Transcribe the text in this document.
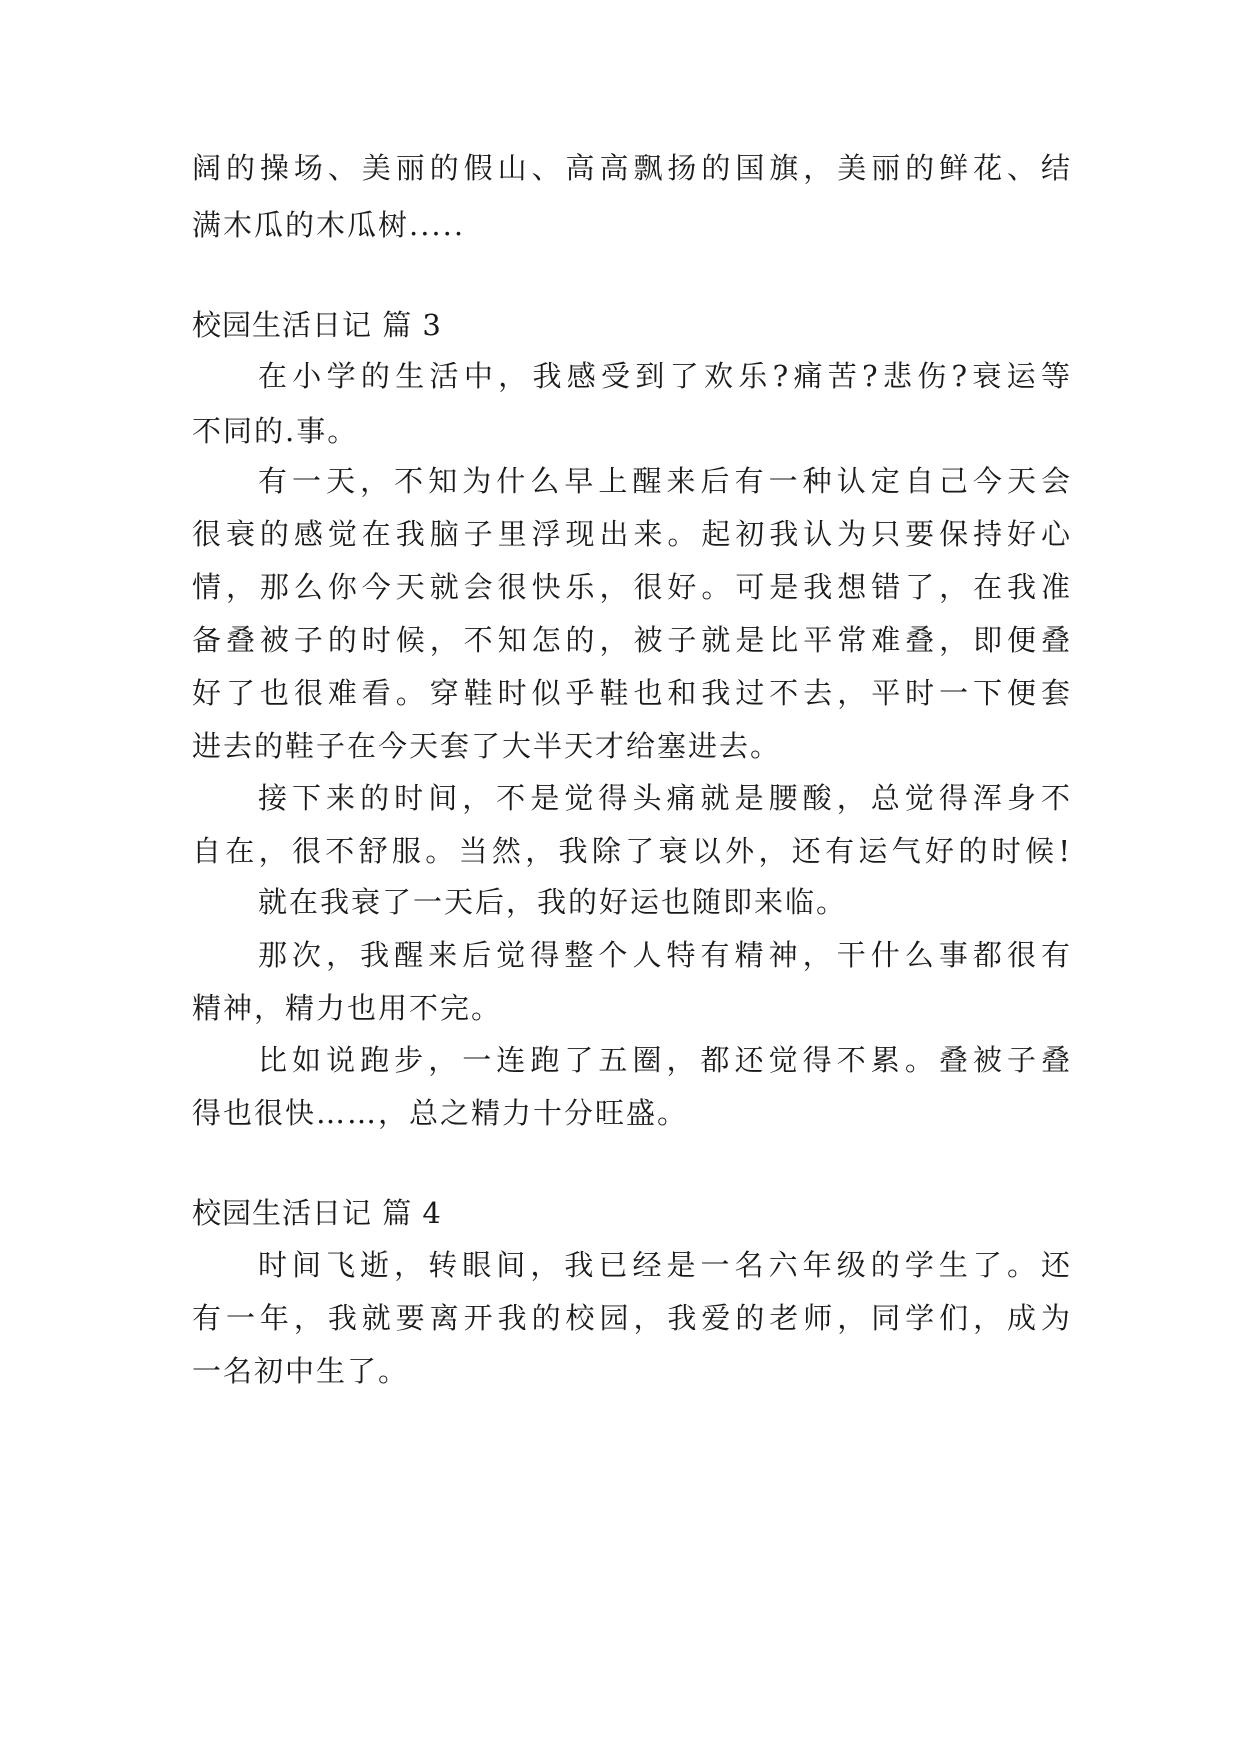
阔的操场、美丽的假山、高高飘扬的国旗，美丽的鲜花、结
满木瓜的木瓜树.....
校园生活日记 篇 3
在小学的生活中，我感受到了欢乐?痛苦?悲伤?衰运等
不同的.事。
有一天，不知为什么早上醒来后有一种认定自己今天会
很衰的感觉在我脑子里浮现出来。起初我认为只要保持好心
情，那么你今天就会很快乐，很好。可是我想错了，在我准
备叠被子的时候，不知怎的，被子就是比平常难叠，即便叠
好了也很难看。穿鞋时似乎鞋也和我过不去，平时一下便套
进去的鞋子在今天套了大半天才给塞进去。
接下来的时间，不是觉得头痛就是腰酸，总觉得浑身不
自在，很不舒服。当然，我除了衰以外，还有运气好的时候!
就在我衰了一天后，我的好运也随即来临。
那次，我醒来后觉得整个人特有精神，干什么事都很有
精神，精力也用不完。
比如说跑步，一连跑了五圈，都还觉得不累。叠被子叠
得也很快……，总之精力十分旺盛。
校园生活日记 篇 4
时间飞逝，转眼间，我已经是一名六年级的学生了。还
有一年，我就要离开我的校园，我爱的老师，同学们，成为
一名初中生了。
